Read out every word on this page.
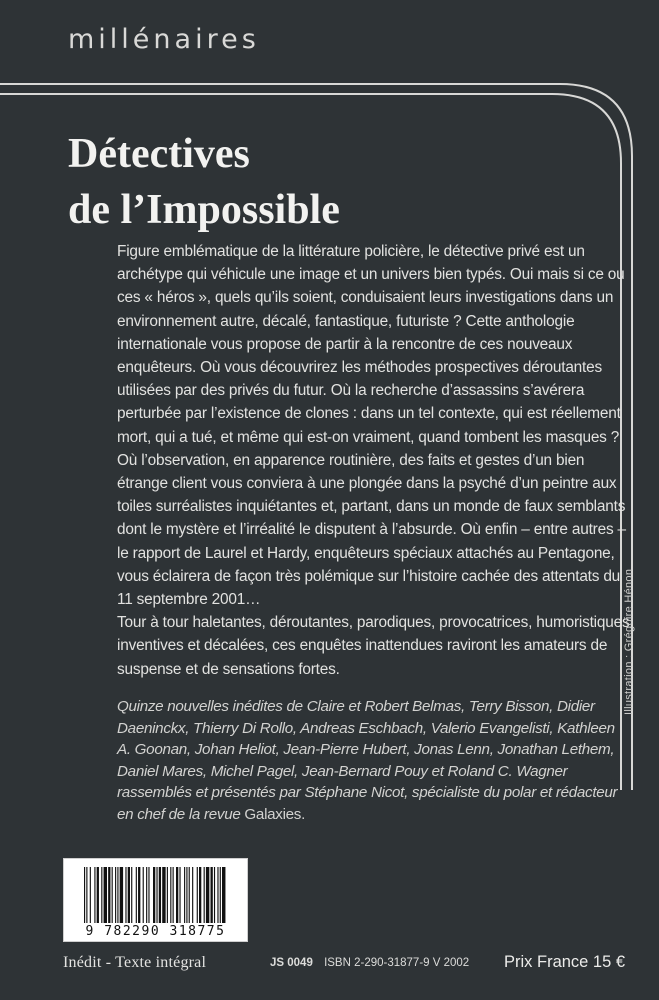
millénaires
Détectives
de l’Impossible

Figure emblématique de la littérature policière, le détective privé est un archétype qui véhicule une image et un univers bien typés. Oui mais si ce ou ces « héros », quels qu’ils soient, conduisaient leurs investigations dans un environnement autre, décalé, fantastique, futuriste ? Cette anthologie internationale vous propose de partir à la rencontre de ces nouveaux enquêteurs. Où vous découvrirez les méthodes prospectives déroutantes utilisées par des privés du futur. Où la recherche d’assassins s’avérera perturbée par l’existence de clones : dans un tel contexte, qui est réellement mort, qui a tué, et même qui est-on vraiment, quand tombent les masques ? Où l’observation, en apparence routinière, des faits et gestes d’un bien étrange client vous conviera à une plongée dans la psyché d’un peintre aux toiles surréalistes inquiétantes et, partant, dans un monde de faux semblants dont le mystère et l’irréalité le disputent à l’absurde. Où enfin – entre autres – le rapport de Laurel et Hardy, enquêteurs spéciaux attachés au Pentagone, vous éclairera de façon très polémique sur l’histoire cachée des attentats du 11 septembre 2001…

Tour à tour haletantes, déroutantes, parodiques, provocatrices, humoristiques, inventives et décalées, ces enquêtes inattendues raviront les amateurs de suspense et de sensations fortes.

Quinze nouvelles inédites de Claire et Robert Belmas, Terry Bisson, Didier Daeninckx, Thierry Di Rollo, Andreas Eschbach, Valerio Evangelisti, Kathleen A. Goonan, Johan Heliot, Jean-Pierre Hubert, Jonas Lenn, Jonathan Lethem, Daniel Mares, Michel Pagel, Jean-Bernard Pouy et Roland C. Wagner rassemblés et présentés par Stéphane Nicot, spécialiste du polar et rédacteur en chef de la revue Galaxies.

Illustration : Grégoire Hénon
9 782290 318775
Inédit - Texte intégral	JS 0049 ISBN 2-290-31877-9 V 2002 Prix France 15 €
